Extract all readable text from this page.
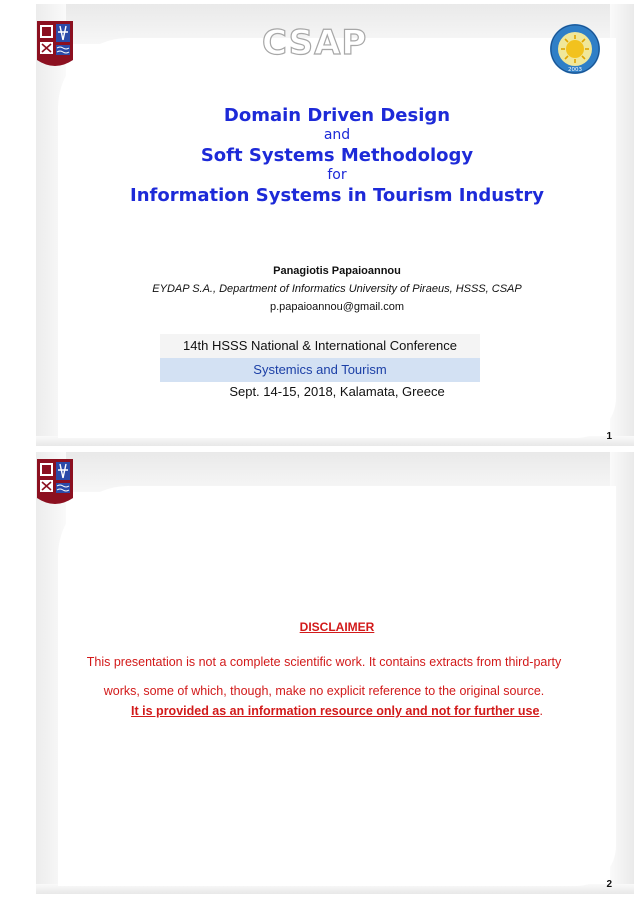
CSAP
2003
Domain Driven Design
and
Soft Systems Methodology
for
Information Systems in Tourism Industry
Panagiotis Papaioannou
EYDAP S.A., Department of Informatics University of Piraeus, HSSS, CSAP
p.papaioannou@gmail.com
14th HSSS National & International Conference
Systemics and Tourism
Sept. 14-15, 2018, Kalamata, Greece
1
DISCLAIMER
This presentation is not a complete scientific work. It contains extracts from third-party
works, some of which, though, make no explicit reference to the original source.
It is provided as an information resource only and not for further use.
2
